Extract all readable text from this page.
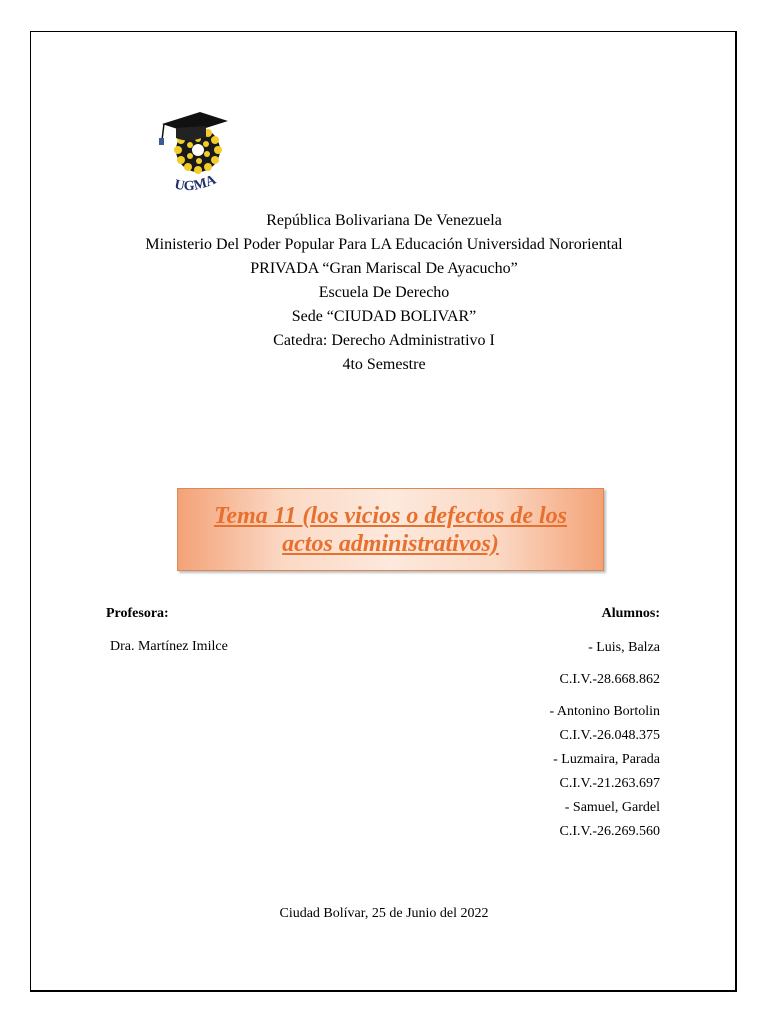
UGMA
República Bolivariana De Venezuela
Ministerio Del Poder Popular Para LA Educación Universidad Nororiental
PRIVADA “Gran Mariscal De Ayacucho”
Escuela De Derecho
Sede “CIUDAD BOLIVAR”
Catedra: Derecho Administrativo I
4to Semestre
Tema 11 (los vicios o defectos de los
actos administrativos)
Profesora:
Dra. Martínez Imilce
Alumnos:
- Luis, Balza
C.I.V.-28.668.862
- Antonino Bortolin
C.I.V.-26.048.375
- Luzmaira, Parada
C.I.V.-21.263.697
- Samuel, Gardel
C.I.V.-26.269.560
Ciudad Bolívar, 25 de Junio del 2022
